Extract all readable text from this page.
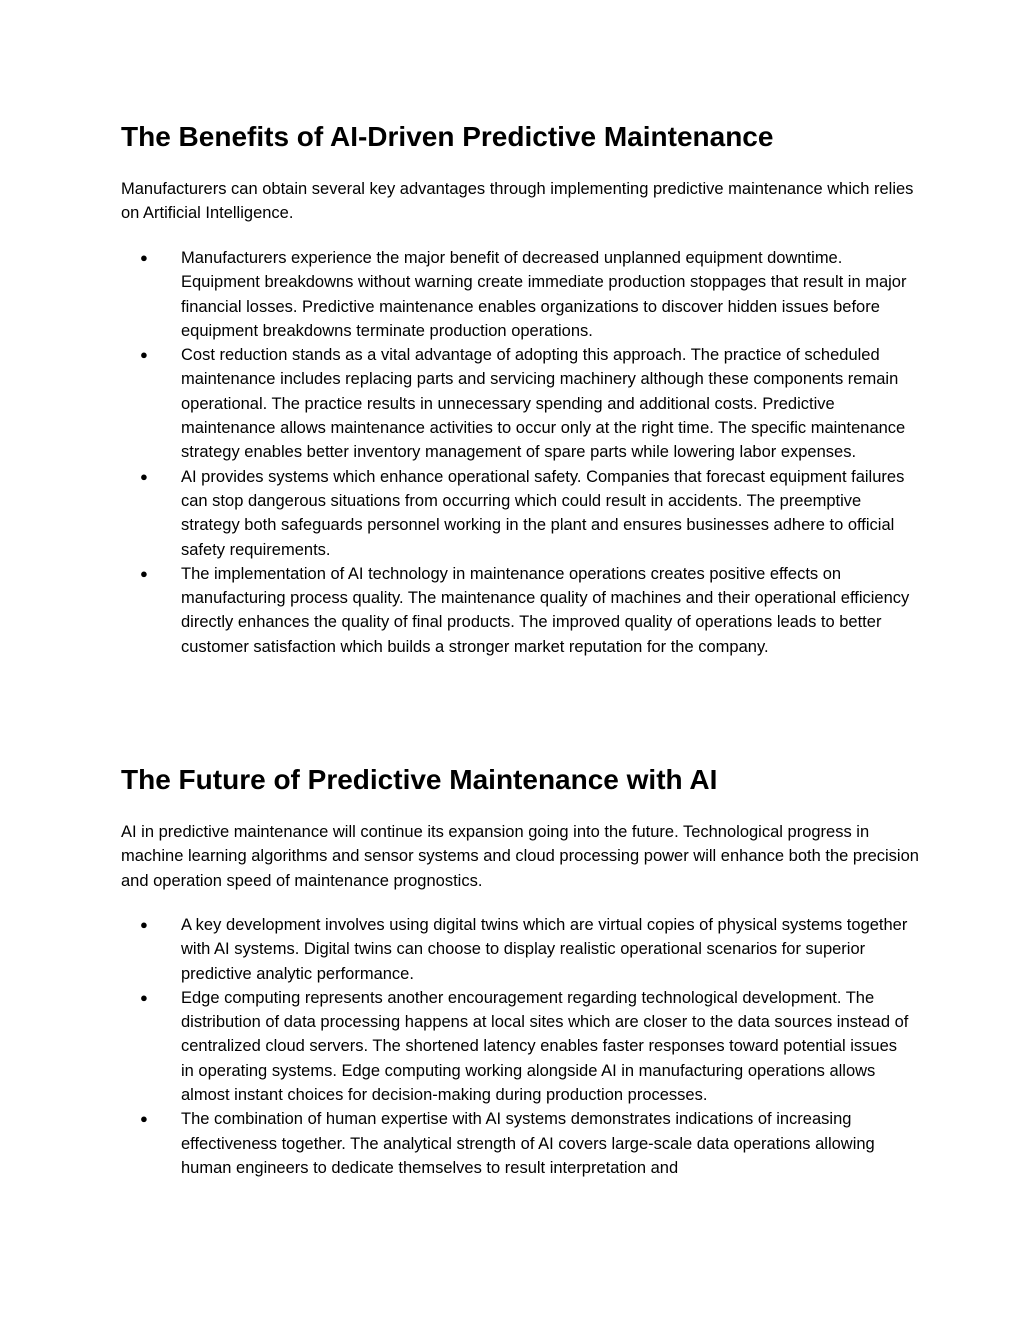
The Benefits of AI-Driven Predictive Maintenance

Manufacturers can obtain several key advantages through implementing predictive maintenance which relies on Artificial Intelligence.

● Manufacturers experience the major benefit of decreased unplanned equipment downtime. Equipment breakdowns without warning create immediate production stoppages that result in major financial losses. Predictive maintenance enables organizations to discover hidden issues before equipment breakdowns terminate production operations.
● Cost reduction stands as a vital advantage of adopting this approach. The practice of scheduled maintenance includes replacing parts and servicing machinery although these components remain operational. The practice results in unnecessary spending and additional costs. Predictive maintenance allows maintenance activities to occur only at the right time. The specific maintenance strategy enables better inventory management of spare parts while lowering labor expenses.
● AI provides systems which enhance operational safety. Companies that forecast equipment failures can stop dangerous situations from occurring which could result in accidents. The preemptive strategy both safeguards personnel working in the plant and ensures businesses adhere to official safety requirements.
● The implementation of AI technology in maintenance operations creates positive effects on manufacturing process quality. The maintenance quality of machines and their operational efficiency directly enhances the quality of final products. The improved quality of operations leads to better customer satisfaction which builds a stronger market reputation for the company.
The Future of Predictive Maintenance with AI

AI in predictive maintenance will continue its expansion going into the future. Technological progress in machine learning algorithms and sensor systems and cloud processing power will enhance both the precision and operation speed of maintenance prognostics.

● A key development involves using digital twins which are virtual copies of physical systems together with AI systems. Digital twins can choose to display realistic operational scenarios for superior predictive analytic performance.
● Edge computing represents another encouragement regarding technological development. The distribution of data processing happens at local sites which are closer to the data sources instead of centralized cloud servers. The shortened latency enables faster responses toward potential issues in operating systems. Edge computing working alongside AI in manufacturing operations allows almost instant choices for decision-making during production processes.
● The combination of human expertise with AI systems demonstrates indications of increasing effectiveness together. The analytical strength of AI covers large-scale data operations allowing human engineers to dedicate themselves to result interpretation and
